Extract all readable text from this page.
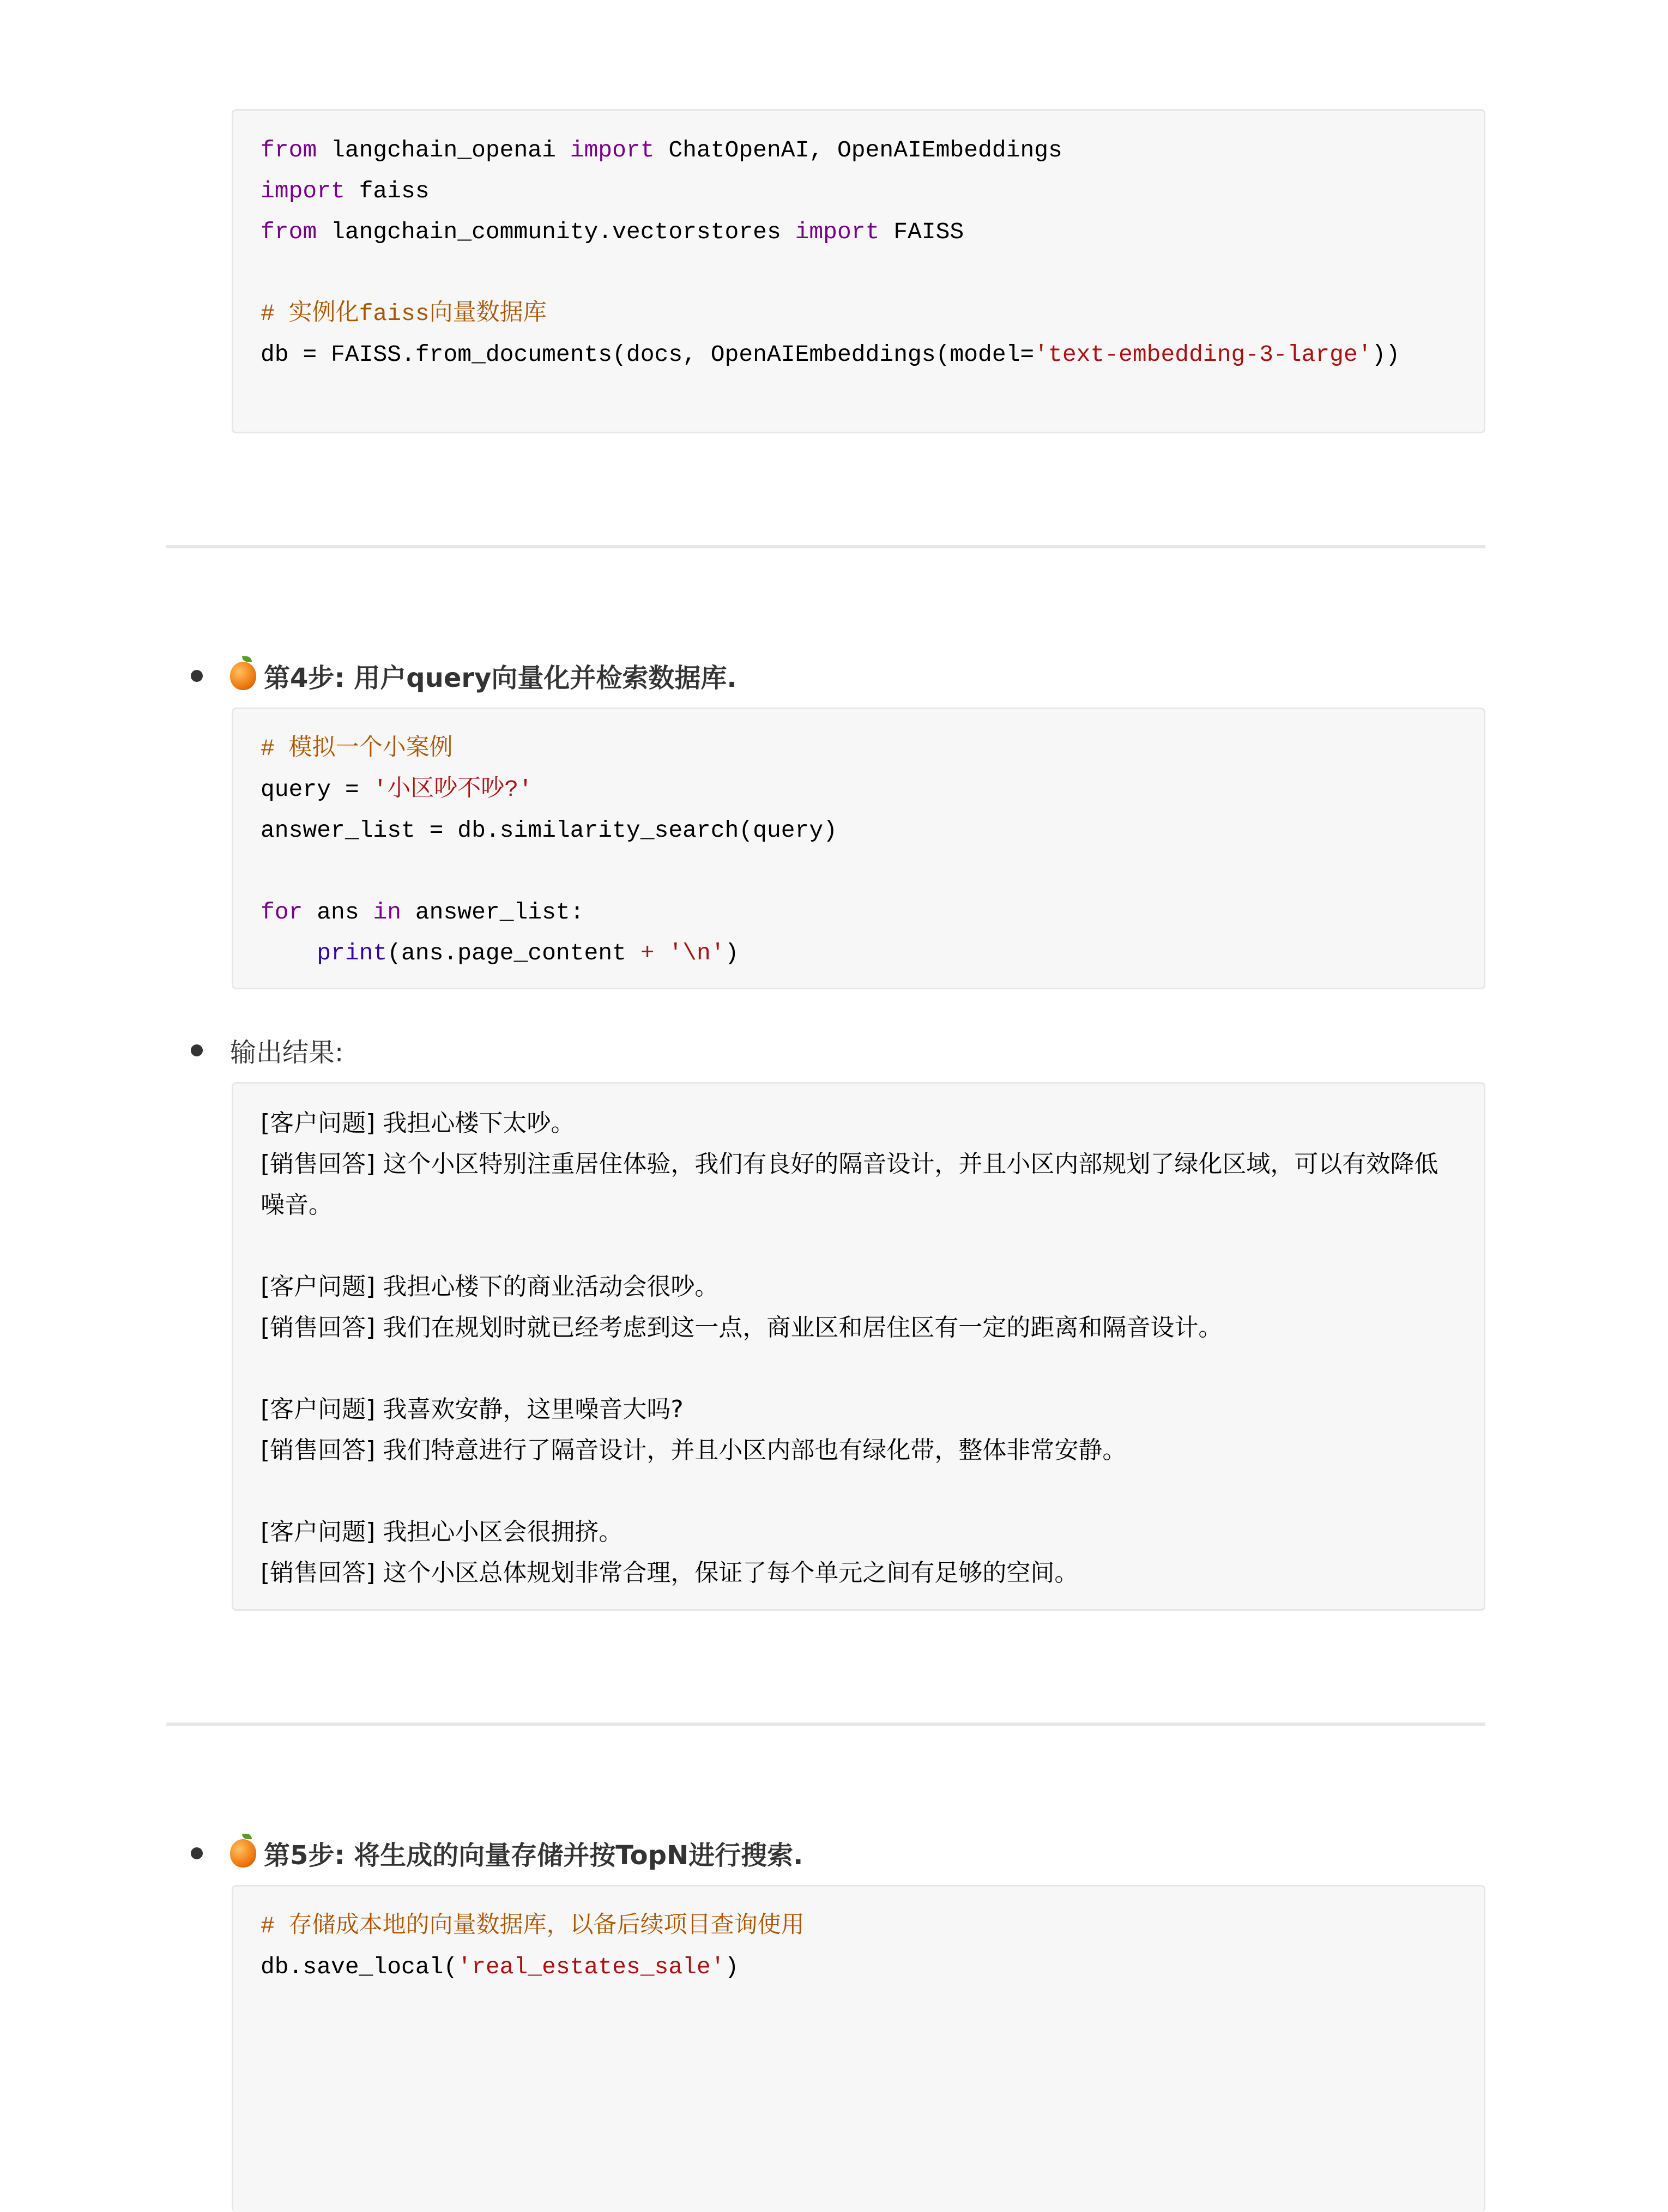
from langchain_openai import ChatOpenAI, OpenAIEmbeddings
import faiss
from langchain_community.vectorstores import FAISS
# 实例化faiss向量数据库
db = FAISS.from_documents(docs, OpenAIEmbeddings(model='text-embedding-3-large'))
第4步: 用户query向量化并检索数据库.
# 模拟一个小案例
query = '小区吵不吵?'
answer_list = db.similarity_search(query)
for ans in answer_list:
print(ans.page_content + '\n')
输出结果:
[客户问题] 我担心楼下太吵。
[销售回答] 这个小区特别注重居住体验，我们有良好的隔音设计，并且小区内部规划了绿化区域，可以有效降低噪音。
[客户问题] 我担心楼下的商业活动会很吵。
[销售回答] 我们在规划时就已经考虑到这一点，商业区和居住区有一定的距离和隔音设计。
[客户问题] 我喜欢安静，这里噪音大吗?
[销售回答] 我们特意进行了隔音设计，并且小区内部也有绿化带，整体非常安静。
[客户问题] 我担心小区会很拥挤。
[销售回答] 这个小区总体规划非常合理，保证了每个单元之间有足够的空间。
第5步: 将生成的向量存储并按TopN进行搜索.
# 存储成本地的向量数据库，以备后续项目查询使用
db.save_local('real_estates_sale')
